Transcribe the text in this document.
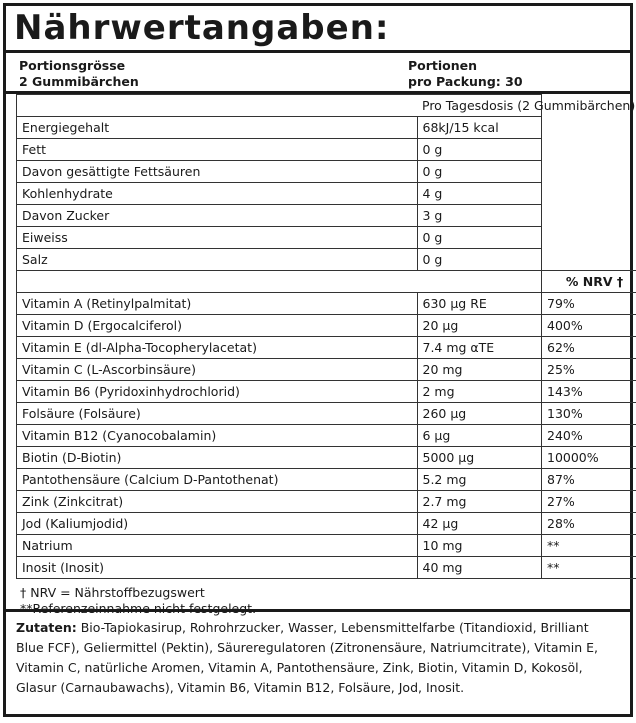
Nährwertangaben:
Portionsgrösse
2 Gummibärchen
Portionen
pro Packung: 30
	Pro Tagesdosis (2 Gummibärchen)	
Energiegehalt	68kJ/15 kcal	
Fett	0 g	
Davon gesättigte Fettsäuren	0 g	
Kohlenhydrate	4 g	
Davon Zucker	3 g	
Eiweiss	0 g	
Salz	0 g	
		% NRV †
Vitamin A (Retinylpalmitat)	630 µg RE	79%
Vitamin D (Ergocalciferol)	20 µg	400%
Vitamin E (dl-Alpha-Tocopherylacetat)	7.4 mg αTE	62%
Vitamin C (L-Ascorbinsäure)	20 mg	25%
Vitamin B6 (Pyridoxinhydrochlorid)	2 mg	143%
Folsäure (Folsäure)	260 µg	130%
Vitamin B12 (Cyanocobalamin)	6 µg	240%
Biotin (D-Biotin)	5000 µg	10000%
Pantothensäure (Calcium D-Pantothenat)	5.2 mg	87%
Zink (Zinkcitrat)	2.7 mg	27%
Jod (Kaliumjodid)	42 µg	28%
Natrium	10 mg	**
Inosit (Inosit)	40 mg	**
† NRV = Nährstoffbezugswert
**Referenzeinnahme nicht festgelegt.
Zutaten: Bio-Tapiokasirup, Rohrohrzucker, Wasser, Lebensmittelfarbe (Titandioxid, Brilliant Blue FCF), Geliermittel (Pektin), Säureregulatoren (Zitronensäure, Natriumcitrate), Vitamin E, Vitamin C, natürliche Aromen, Vitamin A, Pantothensäure, Zink, Biotin, Vitamin D, Kokosöl, Glasur (Carnaubawachs), Vitamin B6, Vitamin B12, Folsäure, Jod, Inosit.
